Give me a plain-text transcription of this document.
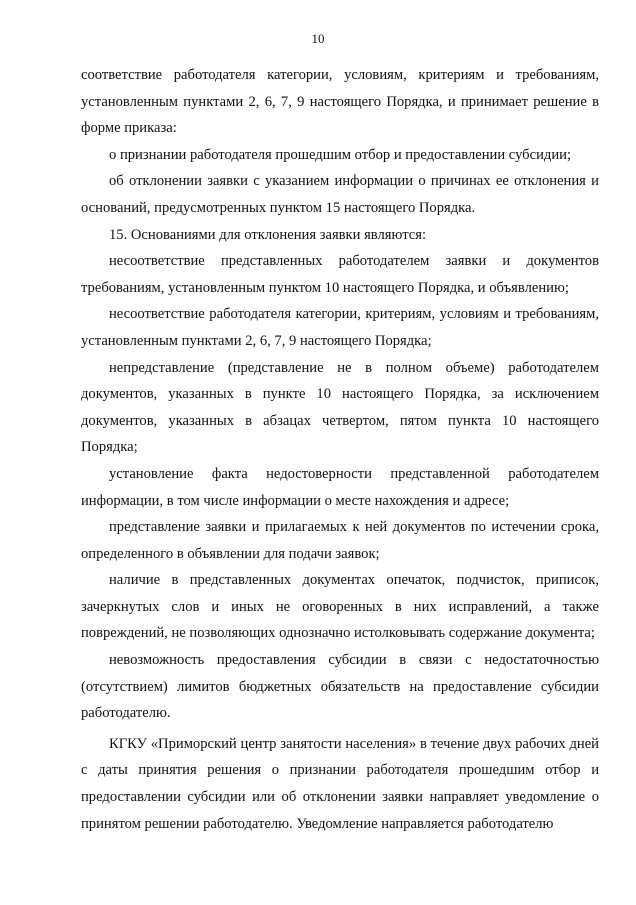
10

соответствие работодателя категории, условиям, критериям и требованиям, установленным пунктами 2, 6, 7, 9 настоящего Порядка, и принимает решение в форме приказа:

о признании работодателя прошедшим отбор и предоставлении субсидии;

об отклонении заявки с указанием информации о причинах ее отклонения и оснований, предусмотренных пунктом 15 настоящего Порядка.

15. Основаниями для отклонения заявки являются:

несоответствие представленных работодателем заявки и документов требованиям, установленным пунктом 10 настоящего Порядка, и объявлению;

несоответствие работодателя категории, критериям, условиям и требованиям, установленным пунктами 2, 6, 7, 9 настоящего Порядка;

непредставление (представление не в полном объеме) работодателем документов, указанных в пункте 10 настоящего Порядка, за исключением документов, указанных в абзацах четвертом, пятом пункта 10 настоящего Порядка;

установление факта недостоверности представленной работодателем информации, в том числе информации о месте нахождения и адресе;

представление заявки и прилагаемых к ней документов по истечении срока, определенного в объявлении для подачи заявок;

наличие в представленных документах опечаток, подчисток, приписок, зачеркнутых слов и иных не оговоренных в них исправлений, а также повреждений, не позволяющих однозначно истолковывать содержание документа;

невозможность предоставления субсидии в связи с недостаточностью (отсутствием) лимитов бюджетных обязательств на предоставление субсидии работодателю.

КГКУ «Приморский центр занятости населения» в течение двух рабочих дней с даты принятия решения о признании работодателя прошедшим отбор и предоставлении субсидии или об отклонении заявки направляет уведомление о принятом решении работодателю. Уведомление направляется работодателю
